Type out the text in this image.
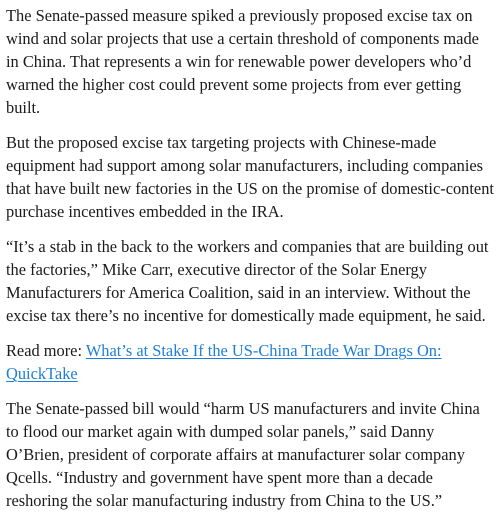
The Senate-passed measure spiked a previously proposed excise tax on wind and solar projects that use a certain threshold of components made in China. That represents a win for renewable power developers who’d warned the higher cost could prevent some projects from ever getting built.

But the proposed excise tax targeting projects with Chinese-made equipment had support among solar manufacturers, including companies that have built new factories in the US on the promise of domestic-content purchase incentives embedded in the IRA.

“It’s a stab in the back to the workers and companies that are building out the factories,” Mike Carr, executive director of the Solar Energy Manufacturers for America Coalition, said in an interview. Without the excise tax there’s no incentive for domestically made equipment, he said.

Read more: What’s at Stake If the US-China Trade War Drags On: QuickTake

The Senate-passed bill would “harm US manufacturers and invite China to flood our market again with dumped solar panels,” said Danny O’Brien, president of corporate affairs at manufacturer solar company Qcells. “Industry and government have spent more than a decade reshoring the solar manufacturing industry from China to the US.”
